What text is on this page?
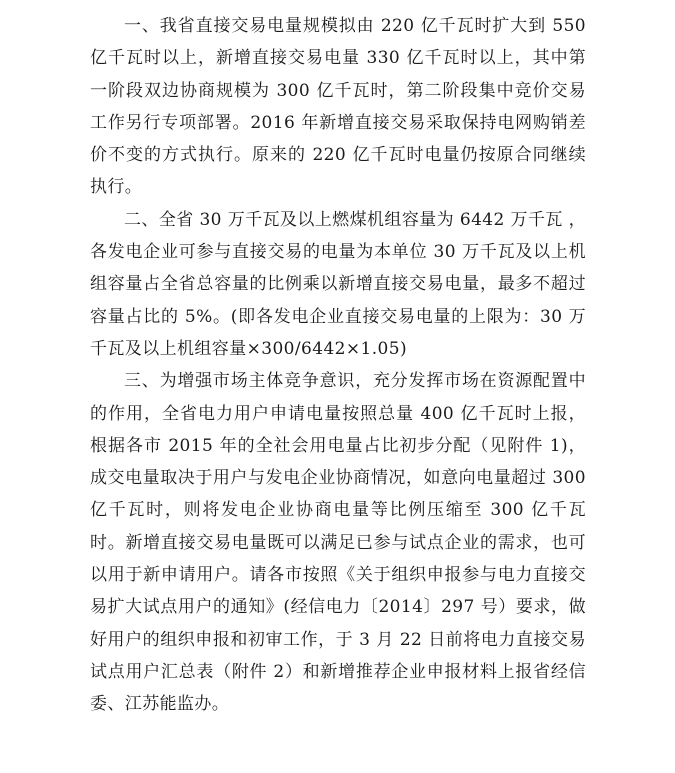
一、我省直接交易电量规模拟由 220 亿千瓦时扩大到 550 亿千瓦时以上，新增直接交易电量 330 亿千瓦时以上，其中第一阶段双边协商规模为 300 亿千瓦时，第二阶段集中竞价交易工作另行专项部署。2016 年新增直接交易采取保持电网购销差价不变的方式执行。原来的 220 亿千瓦时电量仍按原合同继续执行。

二、全省 30 万千瓦及以上燃煤机组容量为 6442 万千瓦 ，各发电企业可参与直接交易的电量为本单位 30 万千瓦及以上机组容量占全省总容量的比例乘以新增直接交易电量，最多不超过容量占比的 5%。(即各发电企业直接交易电量的上限为：30 万千瓦及以上机组容量×300/6442×1.05)

三、为增强市场主体竞争意识，充分发挥市场在资源配置中的作用，全省电力用户申请电量按照总量 400 亿千瓦时上报，根据各市 2015 年的全社会用电量占比初步分配（见附件 1)，成交电量取决于用户与发电企业协商情况，如意向电量超过 300 亿千瓦时，则将发电企业协商电量等比例压缩至 300 亿千瓦时。新增直接交易电量既可以满足已参与试点企业的需求，也可以用于新申请用户。请各市按照《关于组织申报参与电力直接交易扩大试点用户的通知》(经信电力〔2014〕297 号）要求，做好用户的组织申报和初审工作，于 3 月 22 日前将电力直接交易试点用户汇总表（附件 2）和新增推荐企业申报材料上报省经信委、江苏能监办。
